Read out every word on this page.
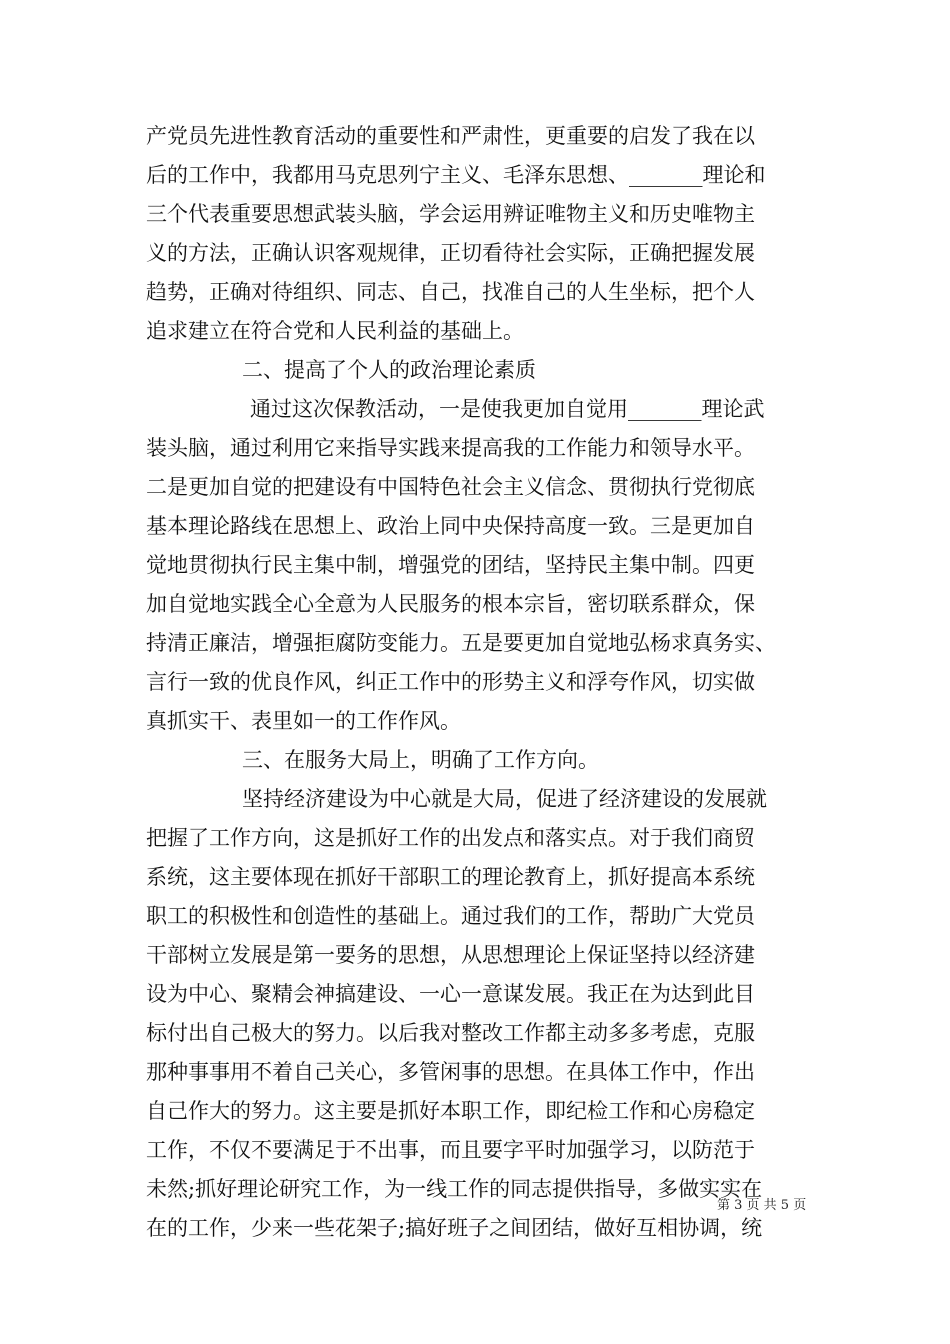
产党员先进性教育活动的重要性和严肃性，更重要的启发了我在以
后的工作中，我都用马克思列宁主义、毛泽东思想、_______理论和
三个代表重要思想武装头脑，学会运用辨证唯物主义和历史唯物主
义的方法，正确认识客观规律，正切看待社会实际，正确把握发展
趋势，正确对待组织、同志、自己，找准自己的人生坐标，把个人
追求建立在符合党和人民利益的基础上。
二、提高了个人的政治理论素质
通过这次保教活动，一是使我更加自觉用_______理论武
装头脑，通过利用它来指导实践来提高我的工作能力和领导水平。
二是更加自觉的把建设有中国特色社会主义信念、贯彻执行党彻底
基本理论路线在思想上、政治上同中央保持高度一致。三是更加自
觉地贯彻执行民主集中制，增强党的团结，坚持民主集中制。四更
加自觉地实践全心全意为人民服务的根本宗旨，密切联系群众，保
持清正廉洁，增强拒腐防变能力。五是要更加自觉地弘杨求真务实、
言行一致的优良作风，纠正工作中的形势主义和浮夸作风，切实做
真抓实干、表里如一的工作作风。
三、在服务大局上，明确了工作方向。
坚持经济建设为中心就是大局，促进了经济建设的发展就
把握了工作方向，这是抓好工作的出发点和落实点。对于我们商贸
系统，这主要体现在抓好干部职工的理论教育上，抓好提高本系统
职工的积极性和创造性的基础上。通过我们的工作，帮助广大党员
干部树立发展是第一要务的思想，从思想理论上保证坚持以经济建
设为中心、聚精会神搞建设、一心一意谋发展。我正在为达到此目
标付出自己极大的努力。以后我对整改工作都主动多多考虑，克服
那种事事用不着自己关心，多管闲事的思想。在具体工作中，作出
自己作大的努力。这主要是抓好本职工作，即纪检工作和心房稳定
工作，不仅不要满足于不出事，而且要字平时加强学习，以防范于
未然;抓好理论研究工作，为一线工作的同志提供指导，多做实实在
在的工作，少来一些花架子;搞好班子之间团结，做好互相协调，统
第 3 页 共 5 页
